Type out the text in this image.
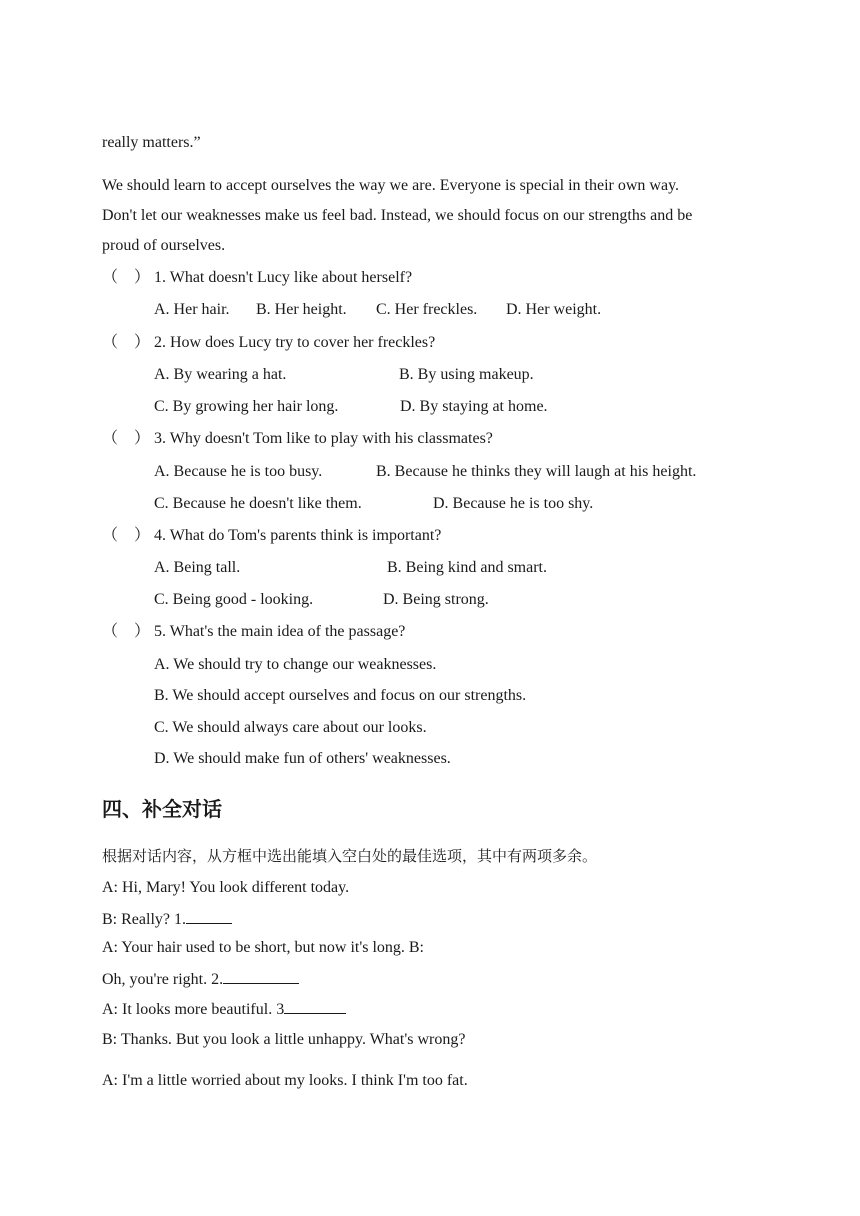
really matters.”
We should learn to accept ourselves the way we are. Everyone is special in their own way.
Don't let our weaknesses make us feel bad. Instead, we should focus on our strengths and be
proud of ourselves.
（　） 1. What doesn't Lucy like about herself?
A. Her hair. B. Her height. C. Her freckles. D. Her weight.
（　） 2. How does Lucy try to cover her freckles?
A. By wearing a hat.	B. By using makeup.
C. By growing her hair long.	D. By staying at home.
（　） 3. Why doesn't Tom like to play with his classmates?
A. Because he is too busy.	B. Because he thinks they will laugh at his height.
C. Because he doesn't like them.	D. Because he is too shy.
（　） 4. What do Tom's parents think is important?
A. Being tall.	B. Being kind and smart.
C. Being good - looking.	D. Being strong.
（　） 5. What's the main idea of the passage?
A. We should try to change our weaknesses.
B. We should accept ourselves and focus on our strengths.
C. We should always care about our looks.
D. We should make fun of others' weaknesses.
四、补全对话
根据对话内容，从方框中选出能填入空白处的最佳选项，其中有两项多余。
A: Hi, Mary! You look different today.
B: Really? 1.
A: Your hair used to be short, but now it's long. B:
Oh, you're right. 2.
A: It looks more beautiful. 3
B: Thanks. But you look a little unhappy. What's wrong?
A: I'm a little worried about my looks. I think I'm too fat.
